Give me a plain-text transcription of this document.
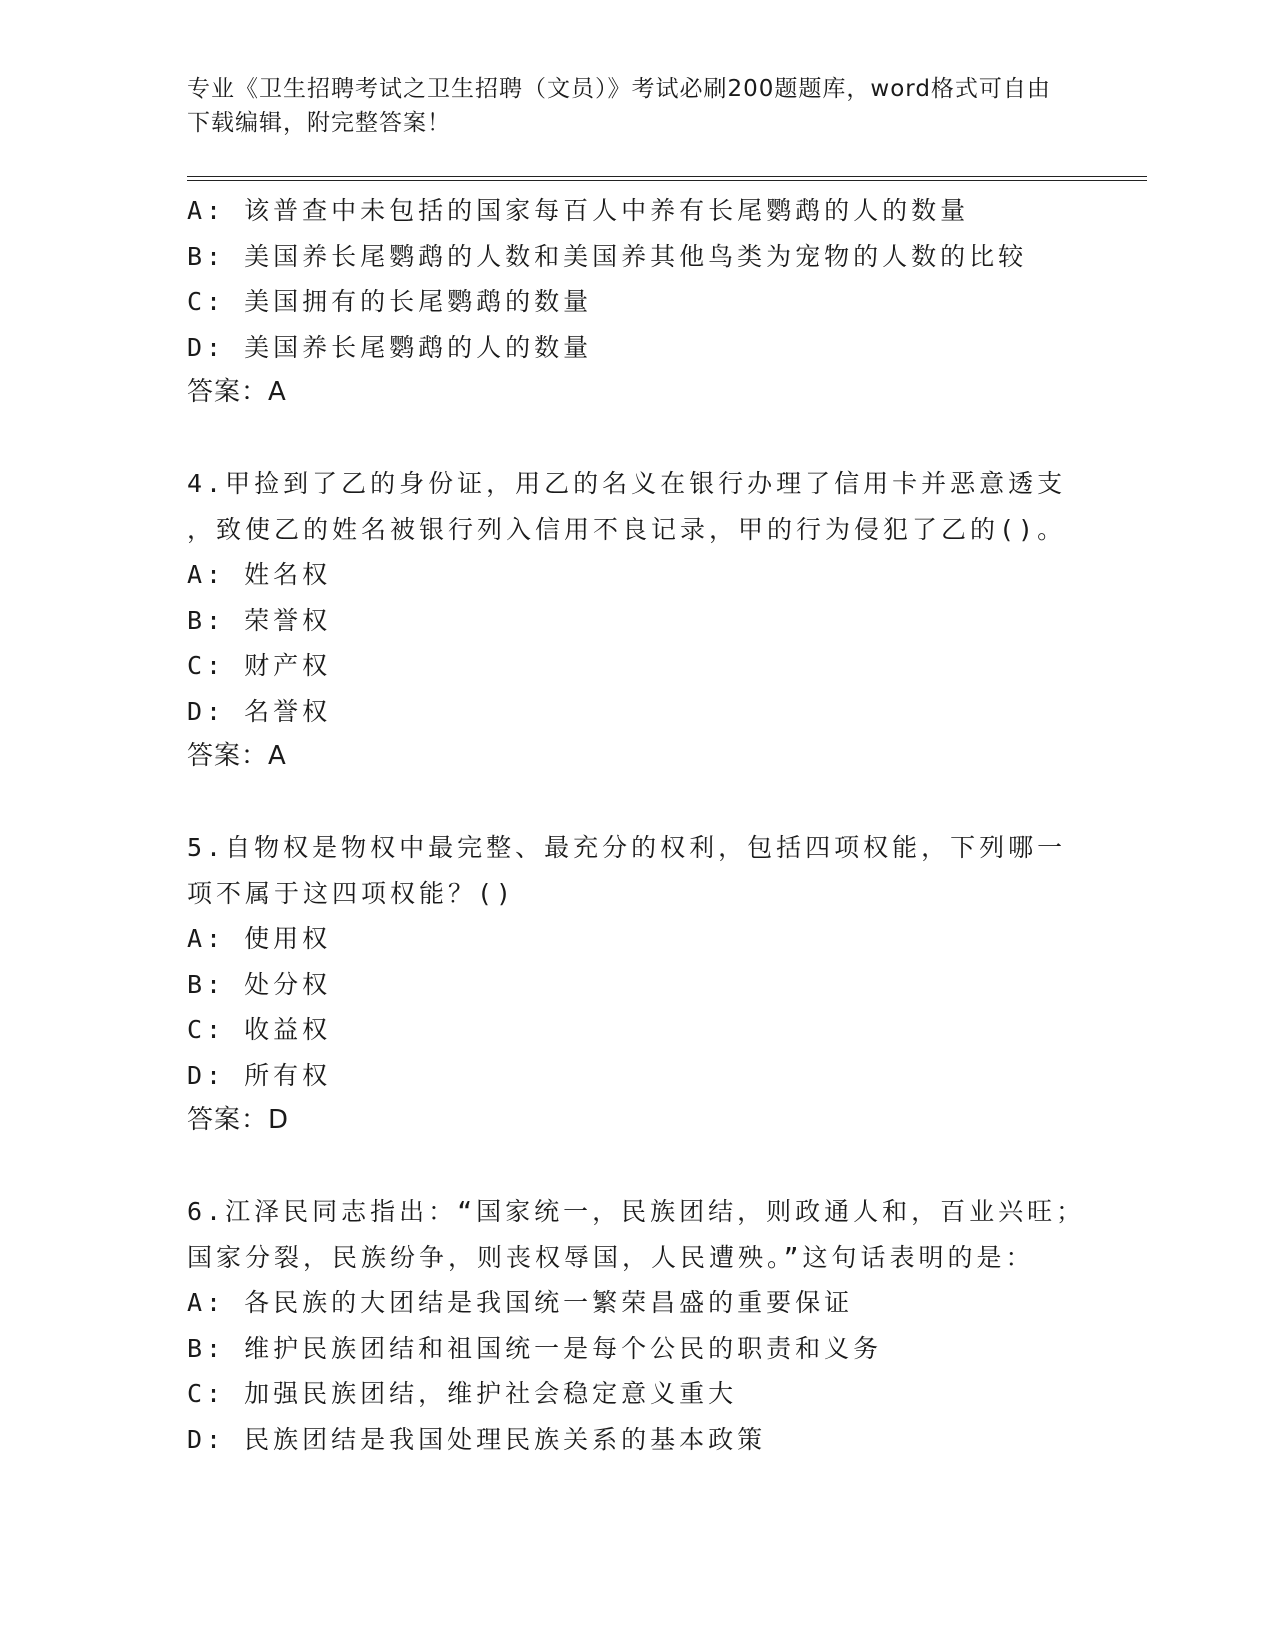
专业《卫生招聘考试之卫生招聘（文员）》考试必刷200题题库，word格式可自由下载编辑，附完整答案！
A: 该普查中未包括的国家每百人中养有长尾鹦鹉的人的数量
B: 美国养长尾鹦鹉的人数和美国养其他鸟类为宠物的人数的比较
C: 美国拥有的长尾鹦鹉的数量
D: 美国养长尾鹦鹉的人的数量
答案：A
4.甲捡到了乙的身份证，用乙的名义在银行办理了信用卡并恶意透支
，致使乙的姓名被银行列入信用不良记录，甲的行为侵犯了乙的()。
A: 姓名权
B: 荣誉权
C: 财产权
D: 名誉权
答案：A
5.自物权是物权中最完整、最充分的权利，包括四项权能，下列哪一
项不属于这四项权能？()
A: 使用权
B: 处分权
C: 收益权
D: 所有权
答案：D
6.江泽民同志指出：“国家统一，民族团结，则政通人和，百业兴旺；
国家分裂，民族纷争，则丧权辱国，人民遭殃。”这句话表明的是：
A: 各民族的大团结是我国统一繁荣昌盛的重要保证
B: 维护民族团结和祖国统一是每个公民的职责和义务
C: 加强民族团结，维护社会稳定意义重大
D: 民族团结是我国处理民族关系的基本政策
